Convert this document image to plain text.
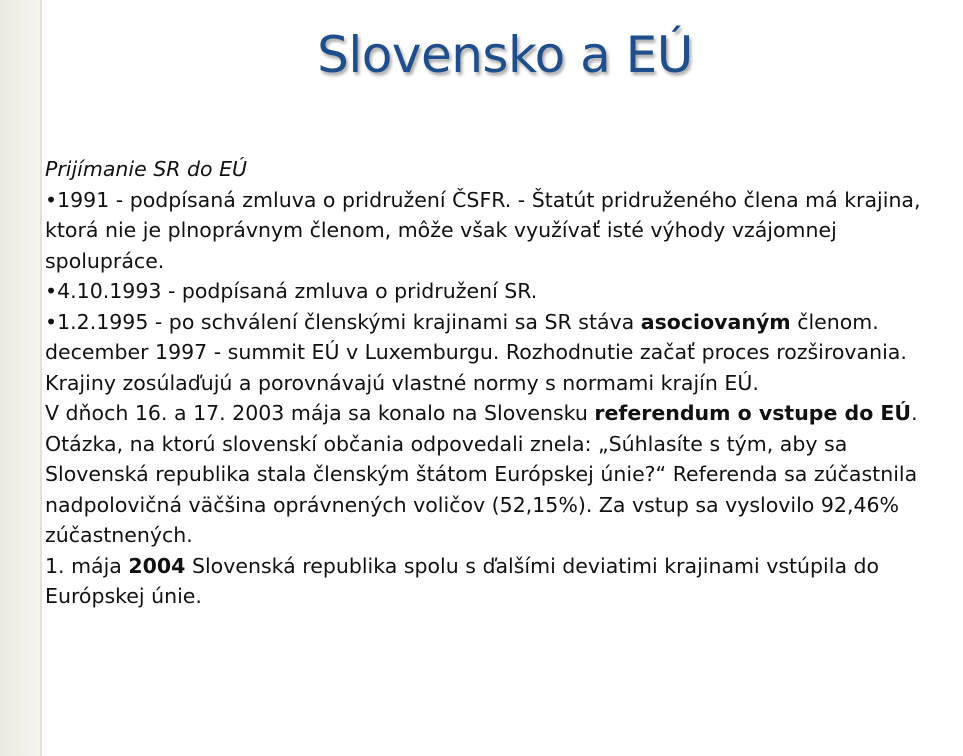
Slovensko a EÚ

Prijímanie SR do EÚ

•1991 - podpísaná zmluva o pridružení ČSFR. - Štatút pridruženého člena má krajina, ktorá nie je plnoprávnym členom, môže však využívať isté výhody vzájomnej spolupráce.

•4.10.1993 - podpísaná zmluva o pridružení SR.

•1.2.1995 - po schválení členskými krajinami sa SR stáva asociovaným členom. december 1997 - summit EÚ v Luxemburgu. Rozhodnutie začať proces rozširovania. Krajiny zosúlaďujú a porovnávajú vlastné normy s normami krajín EÚ.

V dňoch 16. a 17. 2003 mája sa konalo na Slovensku referendum o vstupe do EÚ. Otázka, na ktorú slovenskí občania odpovedali znela: „Súhlasíte s tým, aby sa Slovenská republika stala členským štátom Európskej únie?“ Referenda sa zúčastnila nadpolovičná väčšina oprávnených voličov (52,15%). Za vstup sa vyslovilo 92,46% zúčastnených.

1. mája 2004 Slovenská republika spolu s ďalšími deviatimi krajinami vstúpila do Európskej únie.
